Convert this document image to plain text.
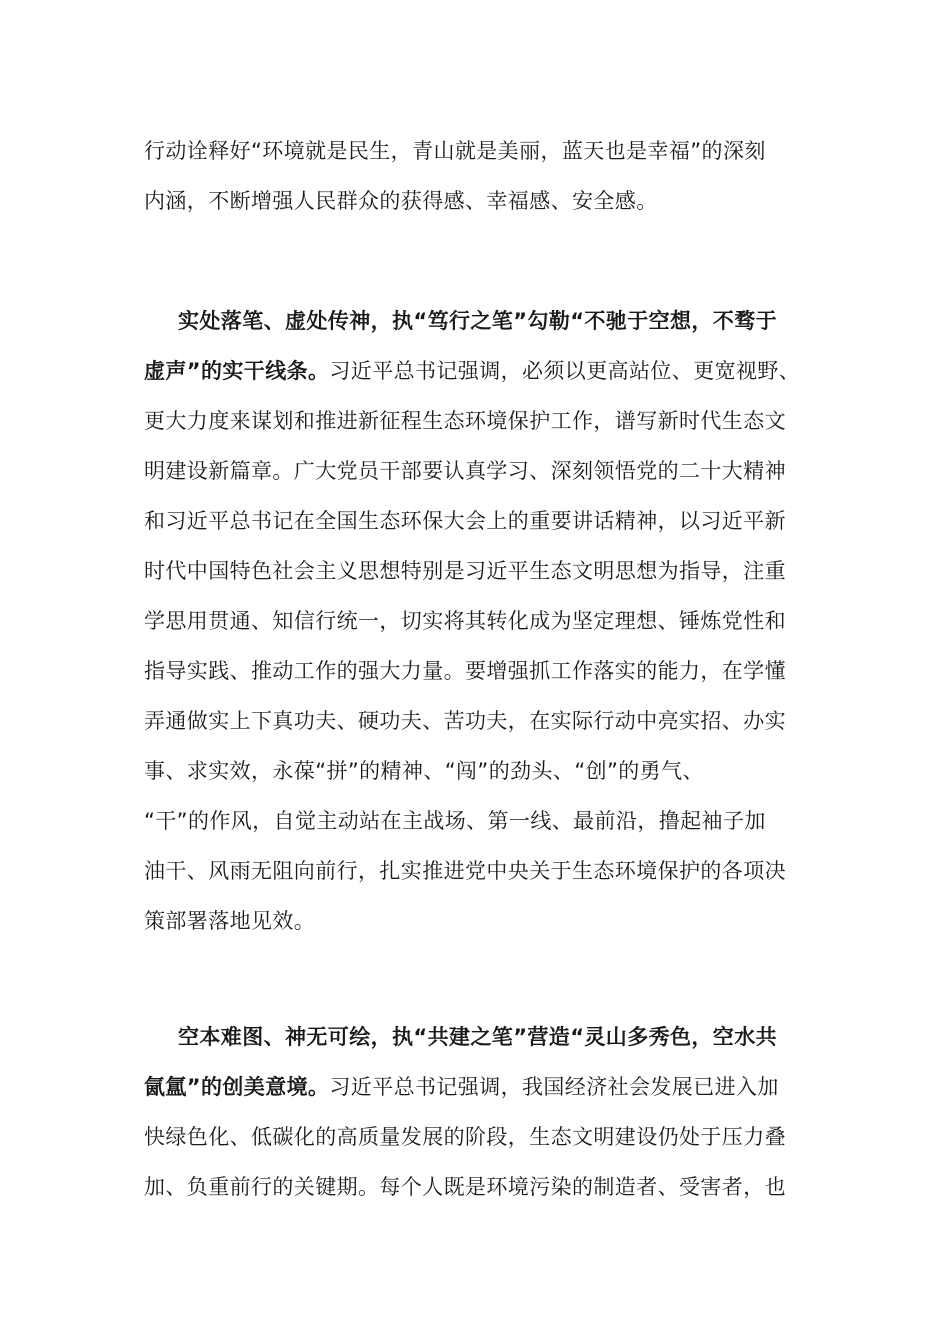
行动诠释好“环境就是民生，青山就是美丽，蓝天也是幸福”的深刻
内涵，不断增强人民群众的获得感、幸福感、安全感。
实处落笔、虚处传神，执“笃行之笔”勾勒“不驰于空想，不骛于
虚声”的实干线条。习近平总书记强调，必须以更高站位、更宽视野、
更大力度来谋划和推进新征程生态环境保护工作，谱写新时代生态文
明建设新篇章。广大党员干部要认真学习、深刻领悟党的二十大精神
和习近平总书记在全国生态环保大会上的重要讲话精神，以习近平新
时代中国特色社会主义思想特别是习近平生态文明思想为指导，注重
学思用贯通、知信行统一，切实将其转化成为坚定理想、锤炼党性和
指导实践、推动工作的强大力量。要增强抓工作落实的能力，在学懂
弄通做实上下真功夫、硬功夫、苦功夫，在实际行动中亮实招、办实
事、求实效，永葆“拼”的精神、“闯”的劲头、“创”的勇气、
“干”的作风，自觉主动站在主战场、第一线、最前沿，撸起袖子加
油干、风雨无阻向前行，扎实推进党中央关于生态环境保护的各项决
策部署落地见效。
空本难图、神无可绘，执“共建之笔”营造“灵山多秀色，空水共
氤氲”的创美意境。习近平总书记强调，我国经济社会发展已进入加
快绿色化、低碳化的高质量发展的阶段，生态文明建设仍处于压力叠
加、负重前行的关键期。每个人既是环境污染的制造者、受害者，也
